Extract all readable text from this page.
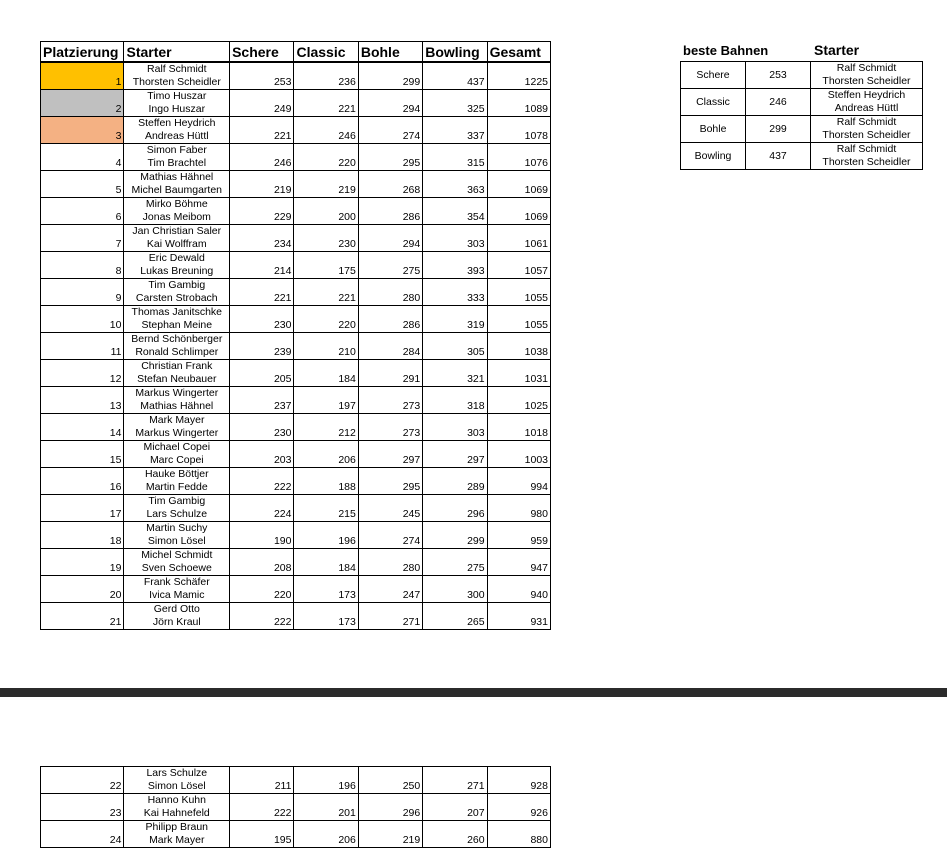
Platzierung	Starter	Schere	Classic	Bohle	Bowling	Gesamt
1	Ralf Schmidt
Thorsten Scheidler	253	236	299	437	1225
2	Timo Huszar
Ingo Huszar	249	221	294	325	1089
3	Steffen Heydrich
Andreas Hüttl	221	246	274	337	1078
4	Simon Faber
Tim Brachtel	246	220	295	315	1076
5	Mathias Hähnel
Michel Baumgarten	219	219	268	363	1069
6	Mirko Böhme
Jonas Meibom	229	200	286	354	1069
7	Jan Christian Saler
Kai Wolffram	234	230	294	303	1061
8	Eric Dewald
Lukas Breuning	214	175	275	393	1057
9	Tim Gambig
Carsten Strobach	221	221	280	333	1055
10	Thomas Janitschke
Stephan Meine	230	220	286	319	1055
11	Bernd Schönberger
Ronald Schlimper	239	210	284	305	1038
12	Christian Frank
Stefan Neubauer	205	184	291	321	1031
13	Markus Wingerter
Mathias Hähnel	237	197	273	318	1025
14	Mark Mayer
Markus Wingerter	230	212	273	303	1018
15	Michael Copei
Marc Copei	203	206	297	297	1003
16	Hauke Böttjer
Martin Fedde	222	188	295	289	994
17	Tim Gambig
Lars Schulze	224	215	245	296	980
18	Martin Suchy
Simon Lösel	190	196	274	299	959
19	Michel Schmidt
Sven Schoewe	208	184	280	275	947
20	Frank Schäfer
Ivica Mamic	220	173	247	300	940
21	Gerd Otto
Jörn Kraul	222	173	271	265	931
beste Bahnen	Starter
Schere	253	Ralf Schmidt
Thorsten Scheidler

Classic	246	Steffen Heydrich
Andreas Hüttl

Bohle	299	Ralf Schmidt
Thorsten Scheidler

Bowling	437	Ralf Schmidt
Thorsten Scheidler
22	Lars Schulze
Simon Lösel	211	196	250	271	928
23	Hanno Kuhn
Kai Hahnefeld	222	201	296	207	926
24	Philipp Braun
Mark Mayer	195	206	219	260	880
